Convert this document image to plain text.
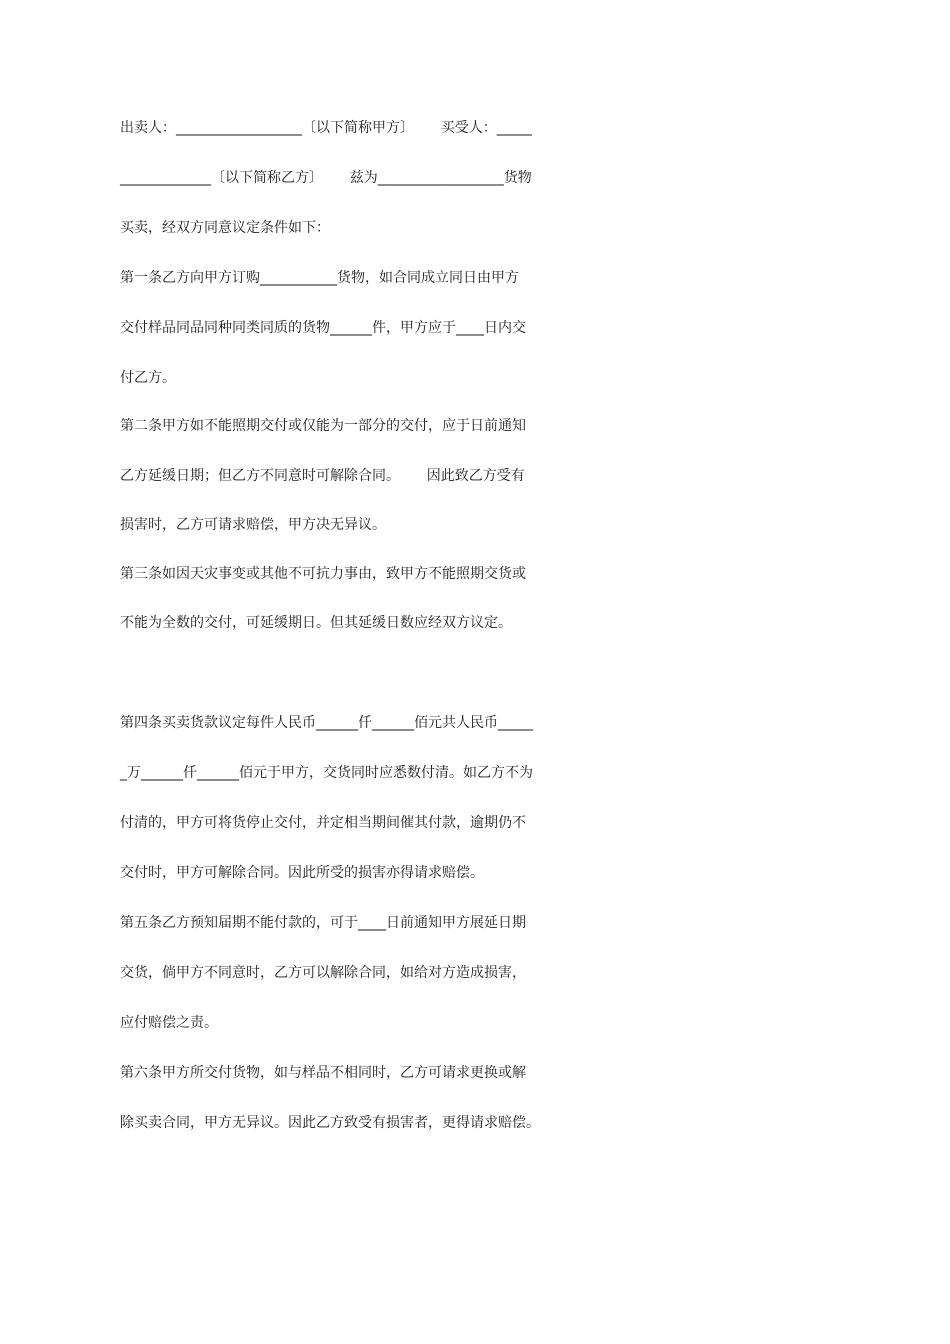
出卖人：__________________〔以下简称甲方〕      买受人：_____
_____________〔以下简称乙方〕      兹为__________________货物
买卖，经双方同意议定条件如下：
第一条乙方向甲方订购___________货物，如合同成立同日由甲方
交付样品同品同种同类同质的货物______件，甲方应于____日内交
付乙方。
第二条甲方如不能照期交付或仅能为一部分的交付，应于日前通知
乙方延缓日期；但乙方不同意时可解除合同。      因此致乙方受有
损害时，乙方可请求赔偿，甲方决无异议。
第三条如因天灾事变或其他不可抗力事由，致甲方不能照期交货或
不能为全数的交付，可延缓期日。但其延缓日数应经双方议定。
第四条买卖货款议定每件人民币______仟______佰元共人民币_____
_万______仟______佰元于甲方，交货同时应悉数付清。如乙方不为
付清的，甲方可将货停止交付，并定相当期间催其付款，逾期仍不
交付时，甲方可解除合同。因此所受的损害亦得请求赔偿。
第五条乙方预知届期不能付款的，可于____日前通知甲方展延日期
交货，倘甲方不同意时，乙方可以解除合同，如给对方造成损害，
应付赔偿之责。
第六条甲方所交付货物，如与样品不相同时，乙方可请求更换或解
除买卖合同，甲方无异议。因此乙方致受有损害者，更得请求赔偿。
